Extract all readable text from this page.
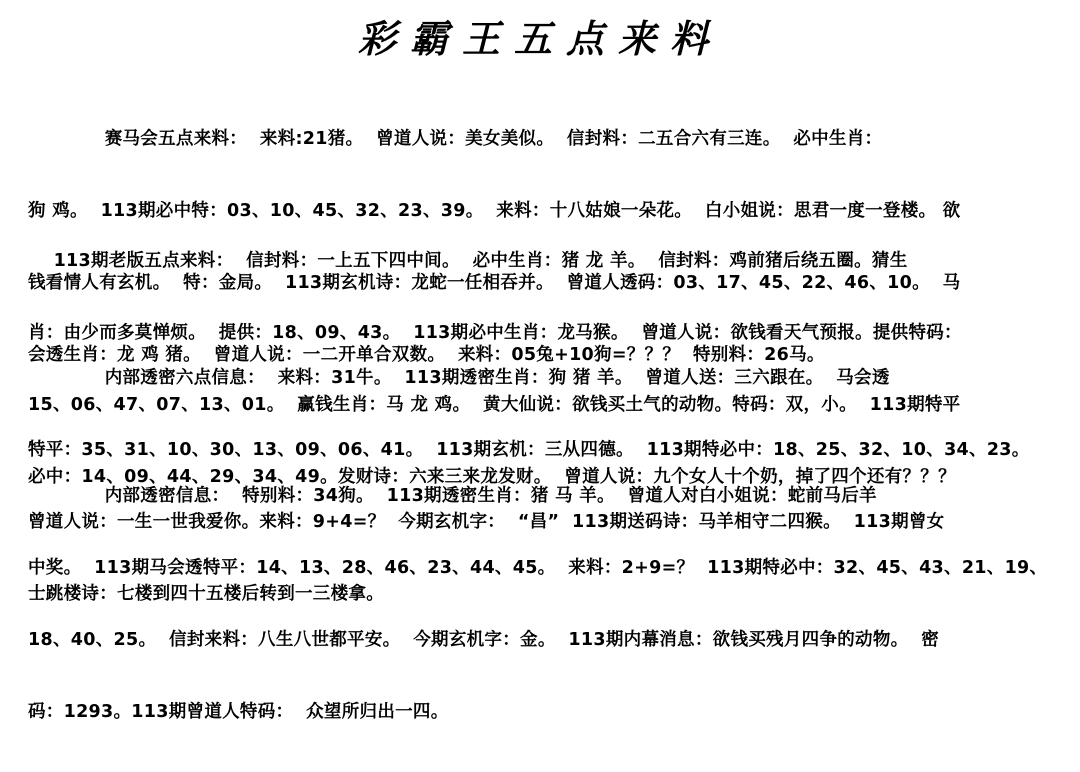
彩霸王五点来料

赛马会五点来料：  来料:21猪。  曾道人说：美女美似。  信封料：二五合六有三连。  必中生肖：

狗 鸡。  113期必中特：03、10、45、32、23、39。  来料：十八姑娘一朵花。  白小姐说：思君一度一登楼。 欲

钱看情人有玄机。  特：金局。  113期玄机诗：龙蛇一任相吞并。  曾道人透码：03、17、45、22、46、10。  马

会透生肖：龙 鸡 猪。  曾道人说：一二开单合双数。  来料：05兔+10狗=？？？  特别料：26马。

113期老版五点来料：  信封料：一上五下四中间。  必中生肖：猪 龙 羊。  信封料：鸡前猪后绕五圈。猜生

肖：由少而多莫惮烦。  提供：18、09、43。  113期必中生肖：龙马猴。  曾道人说：欲钱看天气预报。提供特码：

15、06、47、07、13、01。  赢钱生肖：马 龙 鸡。  黄大仙说：欲钱买土气的动物。特码：双，小。  113期特平

必中：14、09、44、29、34、49。发财诗：六来三来龙发财。  曾道人说：九个女人十个奶，掉了四个还有？？？

内部透密六点信息：  来料：31牛。  113期透密生肖：狗 猪 羊。  曾道人送：三六跟在。  马会透

特平：35、31、10、30、13、09、06、41。  113期玄机：三从四德。  113期特必中：18、25、32、10、34、23。

曾道人说：一生一世我爱你。来料：9+4=？  今期玄机字：  “昌”  113期送码诗：马羊相守二四猴。  113期曾女

士跳楼诗：七楼到四十五楼后转到一三楼拿。

内部透密信息：  特别料：34狗。  113期透密生肖：猪 马 羊。  曾道人对白小姐说：蛇前马后羊

中奖。  113期马会透特平：14、13、28、46、23、44、45。  来料：2+9=？  113期特必中：32、45、43、21、19、

18、40、25。  信封来料：八生八世都平安。  今期玄机字：金。  113期内幕消息：欲钱买残月四争的动物。  密

码：1293。113期曾道人特码：  众望所归出一四。
